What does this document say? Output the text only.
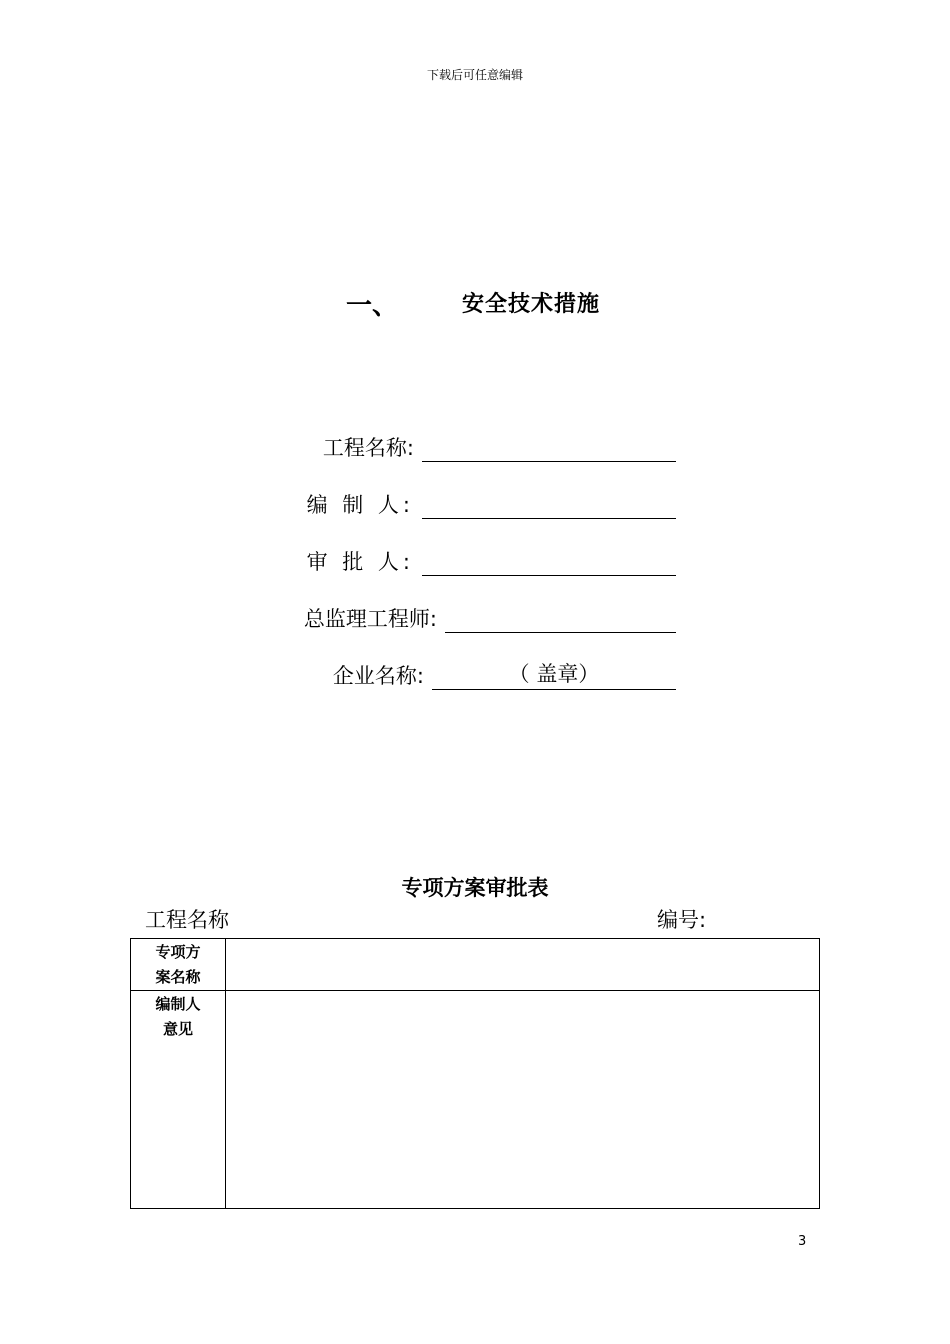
下载后可任意编辑
一、	安全技术措施
工程名称:
编 制 人:
审 批 人:
总监理工程师:
企业名称:	（ 盖章）
专项方案审批表
工程名称	编号:
专项方
案名称	

编制人
意见	

3
